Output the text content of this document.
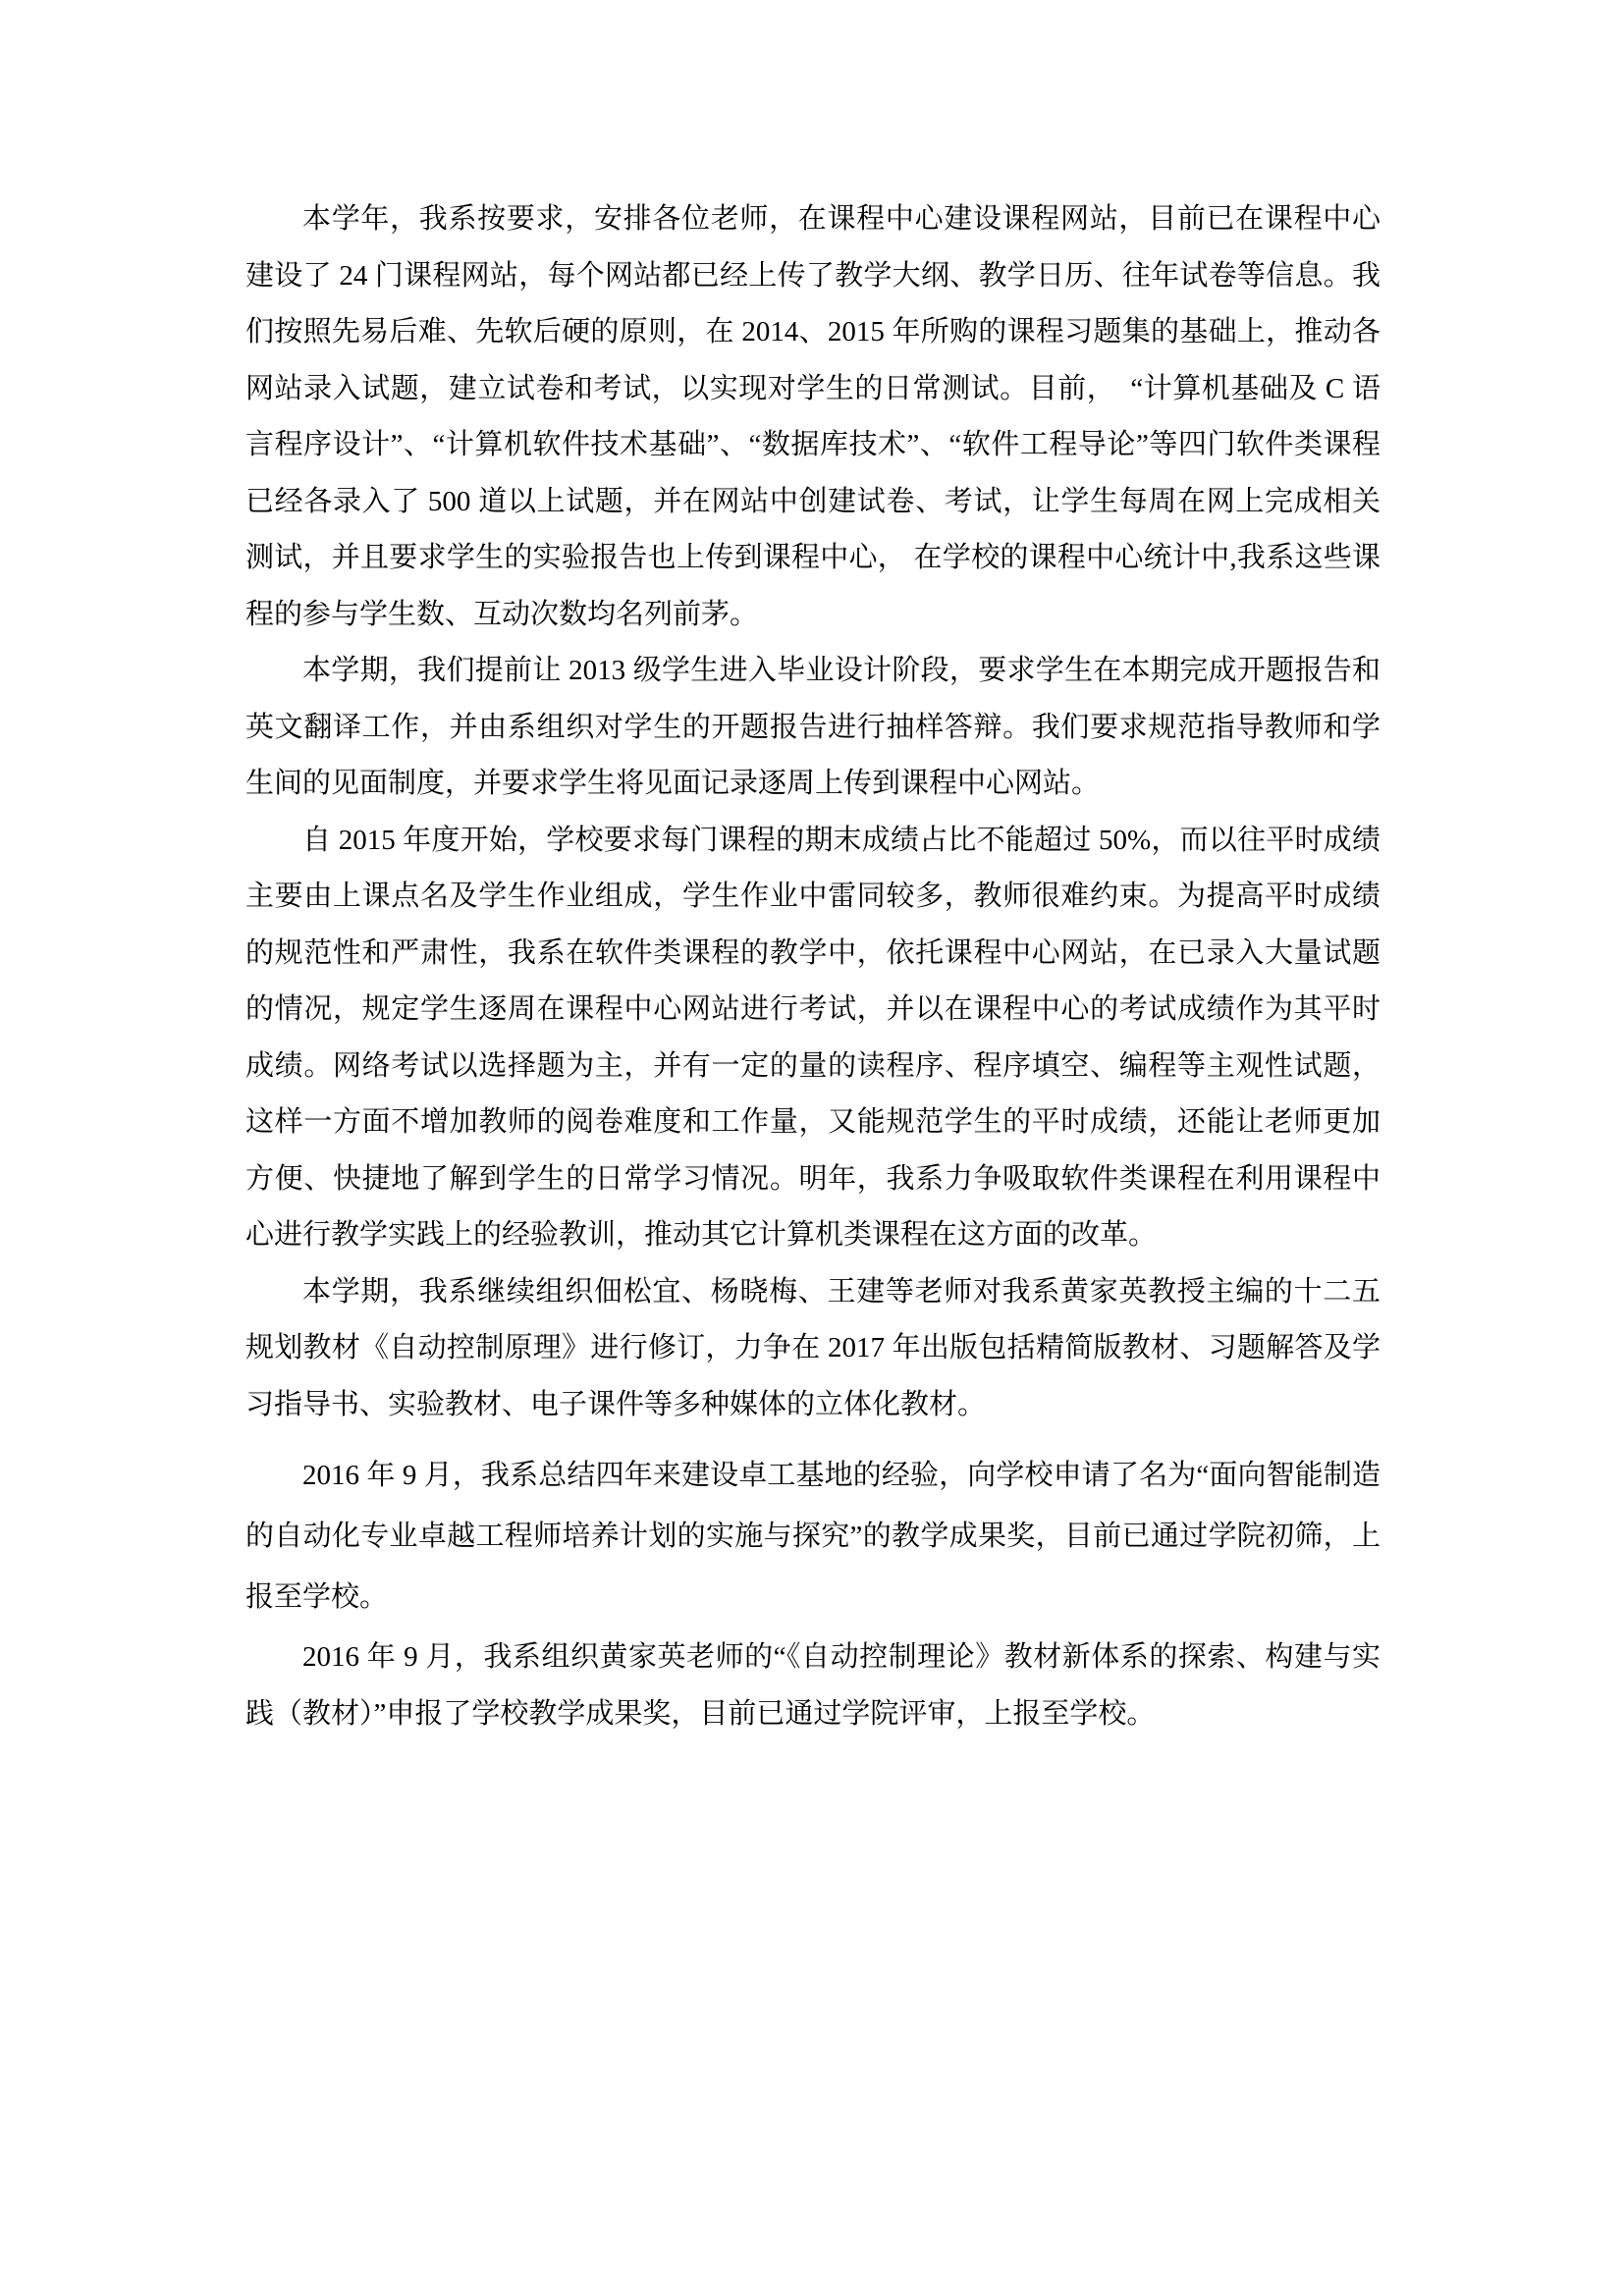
本学年，我系按要求，安排各位老师，在课程中心建设课程网站，目前已在课程中心建设了 24 门课程网站，每个网站都已经上传了教学大纲、教学日历、往年试卷等信息。我们按照先易后难、先软后硬的原则，在 2014、2015 年所购的课程习题集的基础上，推动各网站录入试题，建立试卷和考试，以实现对学生的日常测试。目前，　“计算机基础及 C 语言程序设计”、“计算机软件技术基础”、“数据库技术”、“软件工程导论”等四门软件类课程已经各录入了 500 道以上试题，并在网站中创建试卷、考试，让学生每周在网上完成相关测试，并且要求学生的实验报告也上传到课程中心， 在学校的课程中心统计中,我系这些课程的参与学生数、互动次数均名列前茅。

本学期，我们提前让 2013 级学生进入毕业设计阶段，要求学生在本期完成开题报告和英文翻译工作，并由系组织对学生的开题报告进行抽样答辩。我们要求规范指导教师和学生间的见面制度，并要求学生将见面记录逐周上传到课程中心网站。

自 2015 年度开始，学校要求每门课程的期末成绩占比不能超过 50%，而以往平时成绩主要由上课点名及学生作业组成，学生作业中雷同较多，教师很难约束。为提高平时成绩的规范性和严肃性，我系在软件类课程的教学中，依托课程中心网站，在已录入大量试题的情况，规定学生逐周在课程中心网站进行考试，并以在课程中心的考试成绩作为其平时成绩。网络考试以选择题为主，并有一定的量的读程序、程序填空、编程等主观性试题，这样一方面不增加教师的阅卷难度和工作量，又能规范学生的平时成绩，还能让老师更加方便、快捷地了解到学生的日常学习情况。明年，我系力争吸取软件类课程在利用课程中心进行教学实践上的经验教训，推动其它计算机类课程在这方面的改革。

本学期，我系继续组织佃松宜、杨晓梅、王建等老师对我系黄家英教授主编的十二五规划教材《自动控制原理》进行修订，力争在 2017 年出版包括精简版教材、习题解答及学习指导书、实验教材、电子课件等多种媒体的立体化教材。

2016 年 9 月，我系总结四年来建设卓工基地的经验，向学校申请了名为“面向智能制造的自动化专业卓越工程师培养计划的实施与探究”的教学成果奖，目前已通过学院初筛，上报至学校。

2016 年 9 月，我系组织黄家英老师的“《自动控制理论》教材新体系的探索、构建与实践（教材）”申报了学校教学成果奖，目前已通过学院评审，上报至学校。
